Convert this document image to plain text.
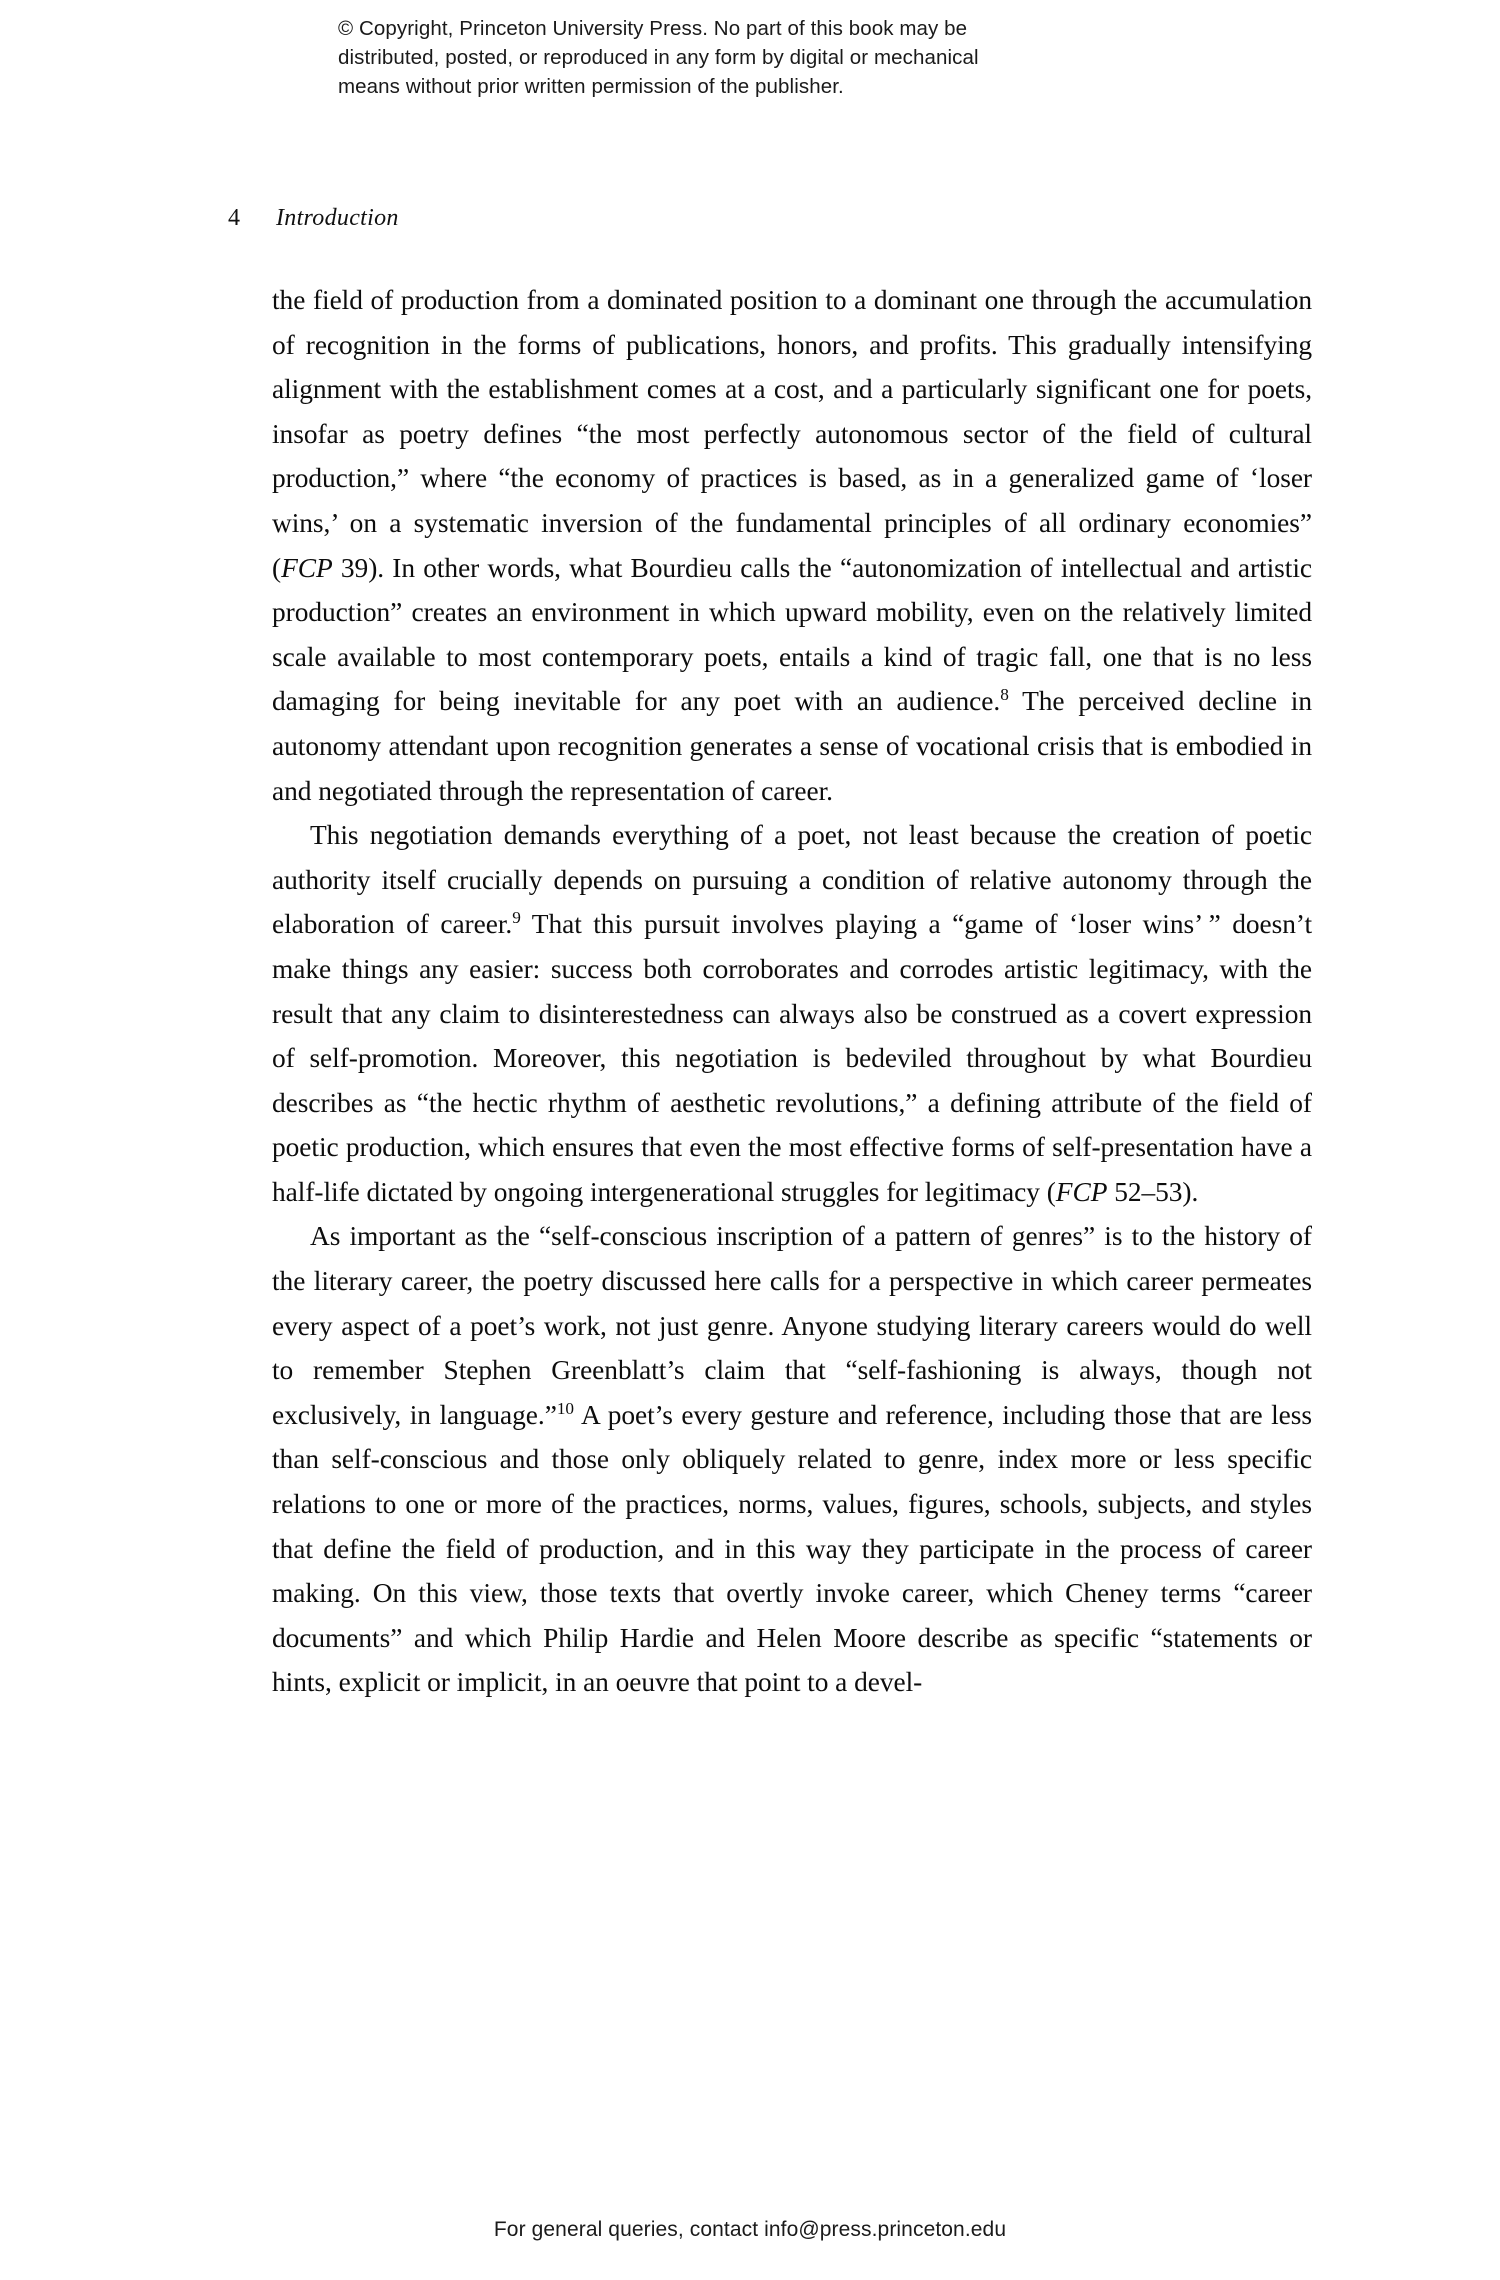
© Copyright, Princeton University Press. No part of this book may be
distributed, posted, or reproduced in any form by digital or mechanical
means without prior written permission of the publisher.
4 Introduction

the field of production from a dominated position to a dominant one through the accumulation of recognition in the forms of publications, honors, and profits. This gradually intensifying alignment with the establishment comes at a cost, and a particularly significant one for poets, insofar as poetry defines “the most perfectly autonomous sector of the field of cultural production,” where “the economy of practices is based, as in a generalized game of ‘loser wins,’ on a systematic inversion of the fundamental principles of all ordinary economies” (FCP 39). In other words, what Bourdieu calls the “autonomization of intellectual and artistic production” creates an environment in which upward mobility, even on the relatively limited scale available to most contemporary poets, entails a kind of tragic fall, one that is no less damaging for being inevitable for any poet with an audience.$^8$ The perceived decline in autonomy attendant upon recognition generates a sense of vocational crisis that is embodied in and negotiated through the representation of career.

This negotiation demands everything of a poet, not least because the creation of poetic authority itself crucially depends on pursuing a condition of relative autonomy through the elaboration of career.$^9$ That this pursuit involves playing a “game of ‘loser wins’ ” doesn’t make things any easier: success both corroborates and corrodes artistic legitimacy, with the result that any claim to disinterestedness can always also be construed as a covert expression of self-promotion. Moreover, this negotiation is bedeviled throughout by what Bourdieu describes as “the hectic rhythm of aesthetic revolutions,” a defining attribute of the field of poetic production, which ensures that even the most effective forms of self-presentation have a half-life dictated by ongoing intergenerational struggles for legitimacy (FCP 52–53).

As important as the “self-conscious inscription of a pattern of genres” is to the history of the literary career, the poetry discussed here calls for a perspective in which career permeates every aspect of a poet’s work, not just genre. Anyone studying literary careers would do well to remember Stephen Greenblatt’s claim that “self-fashioning is always, though not exclusively, in language.”$^{10}$ A poet’s every gesture and reference, including those that are less than self-conscious and those only obliquely related to genre, index more or less specific relations to one or more of the practices, norms, values, figures, schools, subjects, and styles that define the field of production, and in this way they participate in the process of career making. On this view, those texts that overtly invoke career, which Cheney terms “career documents” and which Philip Hardie and Helen Moore describe as specific “statements or hints, explicit or implicit, in an oeuvre that point to a devel-

For general queries, contact info@press.princeton.edu
